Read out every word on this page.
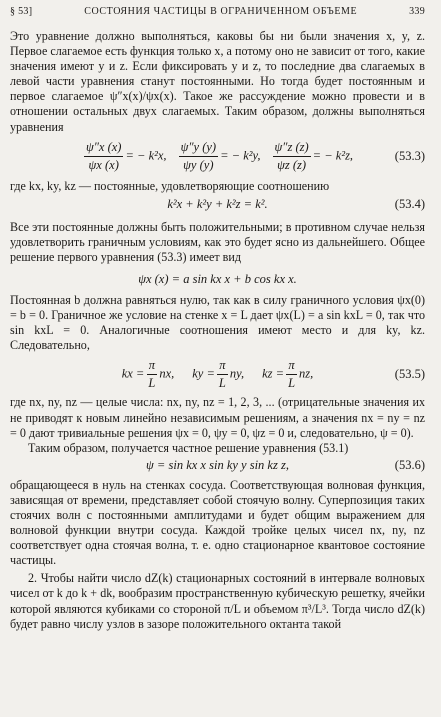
§ 53]	СОСТОЯНИЯ ЧАСТИЦЫ В ОГРАНИЧЕННОМ ОБЪЕМЕ	339

Это уравнение должно выполняться, каковы бы ни были значения x, y, z. Первое слагаемое есть функция только x, а потому оно не зависит от того, какие значения имеют y и z. Если фиксировать y и z, то последние два слагаемых в левой части уравнения станут постоянными. Но тогда будет постоянным и первое слагаемое ψ″x(x)/ψx(x). Такое же рассуждение можно провести и в отношении остальных двух слагаемых. Таким образом, должны выполняться уравнения

$\frac{\psi''x (x)}{\psi x (x)}$ = − k²x, $\frac{\psi''y (y)}{\psi y (y)}$ = − k²y, $\frac{\psi''z (z)}{\psi z (z)}$ = − k²z,	(53.3)

где kx, ky, kz — постоянные, удовлетворяющие соотношению

k²x + k²y + k²z = k².	(53.4)

Все эти постоянные должны быть положительными; в противном случае нельзя удовлетворить граничным условиям, как это будет ясно из дальнейшего. Общее решение первого уравнения (53.3) имеет вид

ψx (x) = a sin kx x + b cos kx x.

Постоянная b должна равняться нулю, так как в силу граничного условия ψx(0) = b = 0. Граничное же условие на стенке x = L дает ψx(L) = a sin kxL = 0, так что sin kxL = 0. Аналогичные соотношения имеют место и для ky, kz. Следовательно,

kx = $\frac{\pi}{L}$ nx, ky = $\frac{\pi}{L}$ ny, kz = $\frac{\pi}{L}$ nz,	(53.5)

где nx, ny, nz — целые числа: nx, ny, nz = 1, 2, 3, ... (отрицательные значения их не приводят к новым линейно независимым решениям, а значения nx = ny = nz = 0 дают тривиальные решения ψx = 0, ψy = 0, ψz = 0 и, следовательно, ψ = 0).

Таким образом, получается частное решение уравнения (53.1)

ψ = sin kx x sin ky y sin kz z,	(53.6)

обращающееся в нуль на стенках сосуда. Соответствующая волновая функция, зависящая от времени, представляет собой стоячую волну. Суперпозиция таких стоячих волн с постоянными амплитудами и будет общим выражением для волновой функции внутри сосуда. Каждой тройке целых чисел nx, ny, nz соответствует одна стоячая волна, т. е. одно стационарное квантовое состояние частицы.

2. Чтобы найти число dZ(k) стационарных состояний в интервале волновых чисел от k до k + dk, вообразим пространственную кубическую решетку, ячейки которой являются кубиками со стороной π/L и объемом π³/L³. Тогда число dZ(k) будет равно числу узлов в зазоре положительного октанта такой
